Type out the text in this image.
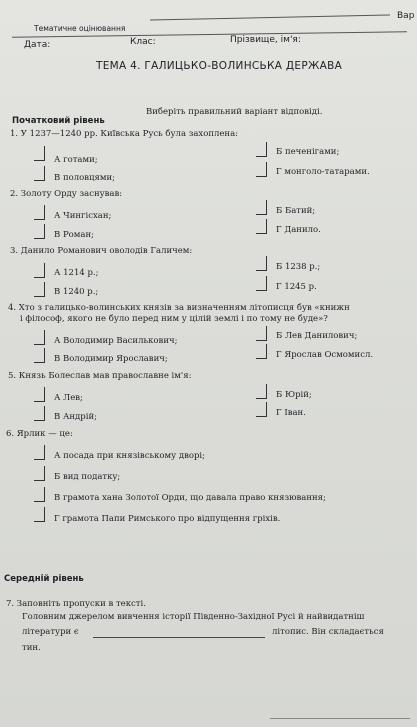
Вар
Тематичне оцінювання
Дата:	Клас:	Прізвище, ім'я:
ТЕМА 4. ГАЛИЦЬКО-ВОЛИНСЬКА ДЕРЖАВА
Початковий рівень
Виберіть правильний варіант відповіді.
1. У 1237—1240 рр. Київська Русь була захоплена:
А готами;
Б печенігами;
В половцями;
Г монголо-татарами.
2. Золоту Орду заснував:
А Чингісхан;	Б Батий;
В Роман;	Г Данило.
3. Данило Романович оволодів Галичем:
А 1214 р.;
Б 1238 р.;
В 1240 р.;	Г 1245 р.
4. Хто з галицько-волинських князів за визначенням літописця був «книжн
і філософ, якого не було перед ним у цілій землі і по тому не буде»?
А Володимир Василькович;	Б Лев Данилович;
В Володимир Ярославич;	Г Ярослав Осмомисл.
5. Князь Болеслав мав православне ім'я:
А Лев;	Б Юрій;
В Андрій;	Г Іван.
6. Ярлик — це:
А посада при князівському дворі;
Б вид податку;
В грамота хана Золотої Орди, що давала право князювання;
Г грамота Папи Римського про відпущення гріхів.
Середній рівень
7. Заповніть пропуски в тексті.
Головним джерелом вивчення історії Південно-Західної Русі й найвидатніш
літератури є	літопис. Він складається
тин.
